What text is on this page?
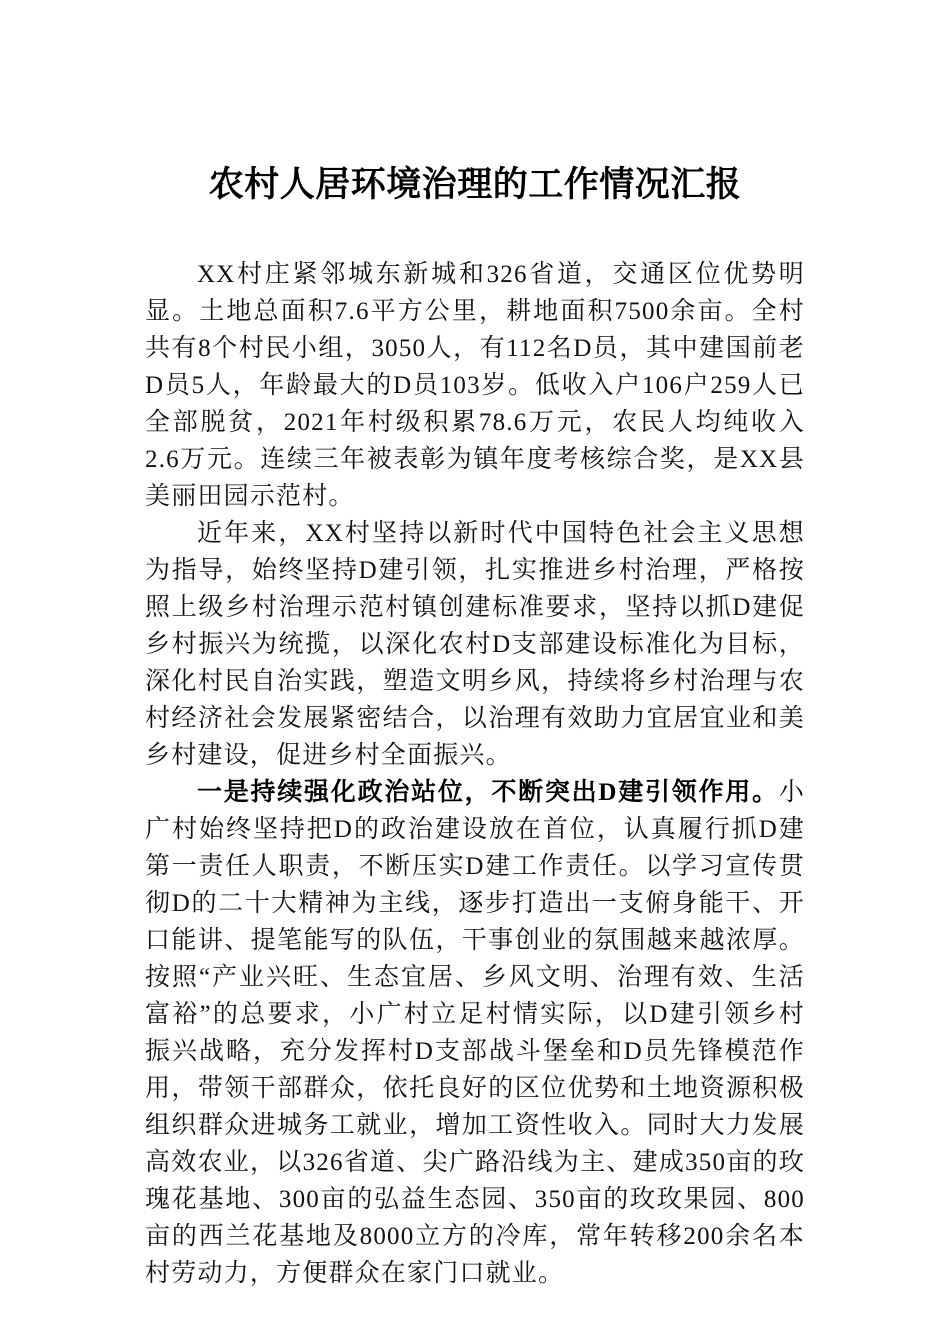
农村人居环境治理的工作情况汇报

XX村庄紧邻城东新城和326省道，交通区位优势明显。土地总面积7.6平方公里，耕地面积7500余亩。全村共有8个村民小组，3050人，有112名D员，其中建国前老D员5人，年龄最大的D员103岁。低收入户106户259人已全部脱贫，2021年村级积累78.6万元，农民人均纯收入2.6万元。连续三年被表彰为镇年度考核综合奖，是XX县美丽田园示范村。

近年来，XX村坚持以新时代中国特色社会主义思想为指导，始终坚持D建引领，扎实推进乡村治理，严格按照上级乡村治理示范村镇创建标准要求，坚持以抓D建促乡村振兴为统揽，以深化农村D支部建设标准化为目标，深化村民自治实践，塑造文明乡风，持续将乡村治理与农村经济社会发展紧密结合，以治理有效助力宜居宜业和美乡村建设，促进乡村全面振兴。

一是持续强化政治站位，不断突出D建引领作用。小广村始终坚持把D的政治建设放在首位，认真履行抓D建第一责任人职责，不断压实D建工作责任。以学习宣传贯彻D的二十大精神为主线，逐步打造出一支俯身能干、开口能讲、提笔能写的队伍，干事创业的氛围越来越浓厚。按照“产业兴旺、生态宜居、乡风文明、治理有效、生活富裕”的总要求，小广村立足村情实际，以D建引领乡村振兴战略，充分发挥村D支部战斗堡垒和D员先锋模范作用，带领干部群众，依托良好的区位优势和土地资源积极组织群众进城务工就业，增加工资性收入。同时大力发展高效农业，以326省道、尖广路沿线为主、建成350亩的玫瑰花基地、300亩的弘益生态园、350亩的玫玫果园、800亩的西兰花基地及8000立方的冷库，常年转移200余名本村劳动力，方便群众在家门口就业。
